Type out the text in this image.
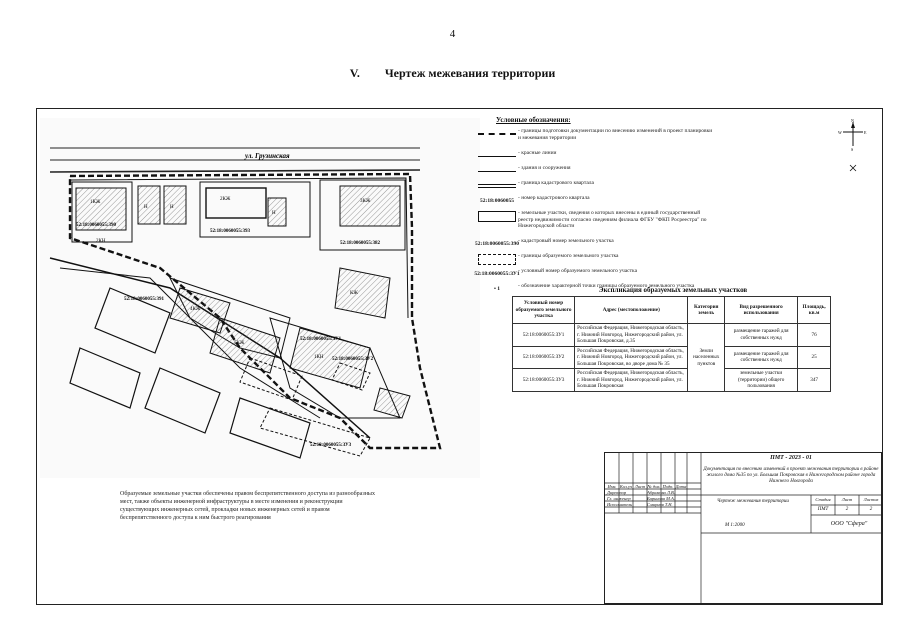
4
V. Чертеж межевания территории
ул. Грузинская
52:18:0060055:390
52:18:0060055:393
52:18:0060055:382
52:18:0060055:391
52:18:0060055:ЗУ1
52:18:0060055:ЗУ2
52:18:0060055:ЗУ3
1КЖ
2КЖ	3КЖ
4КЖ
5КЖ
2КН
1КН
КЖ
Н
Н	Н
Условные обозначения:
- границы подготовки документации по внесению изменений в проект планировки и межевания территории
- красные линии
- здания и сооружения
- граница кадастрового квартала
52:18:0060055 - номер кадастрового квартала
- земельные участки, сведения о которых внесены в единый государственный реестр недвижимости согласно сведениям филиала ФГБУ "ФКП Росреестра" по Нижегородской области
52:18:0060055:390 - кадастровый номер земельного участка
- границы образуемого земельного участка
52:18:0060055:ЗУ1
- условный номер образуемого земельного участка
• 1	- обозначение характерной точки границы образуемого земельного участка
N
S
W	E
Экспликация образуемых земельных участков
Условный номер образуемого земельного участка	Адрес (местоположение)	Категория земель	Вид разрешенного использования	Площадь, кв.м
52:18:0060055:ЗУ1	Российская Федерация, Нижегородская область, г. Нижний Новгород, Нижегородский район, ул. Большая Покровская, д.35	Земли населенных пунктов	размещение гаражей для собственных нужд	76
52:18:0060055:ЗУ2	Российская Федерация, Нижегородская область, г. Нижний Новгород, Нижегородский район, ул. Большая Покровская, во дворе дома № 35		размещение гаражей для собственных нужд	25
52:18:0060055:ЗУ3	Российская Федерация, Нижегородская область, г. Нижний Новгород, Нижегородский район, ул. Большая Покровская		земельные участки (территории) общего пользования	347
Образуемые земельные участки обеспечены правом беспрепятственного доступа из разнообразных мест, также объекты инженерной инфраструктуры в месте изменения и реконструкции существующих инженерных сетей, прокладки новых инженерных сетей и правом беспрепятственного доступа к ним быстрого реагирования
ПМТ - 2023 - 01
Документация по внесению изменений в проект межевания территории в районе жилого дома №35 по ул. Большая Покровская в Нижегородском районе города Нижнего Новгорода
Изм. Кол.уч Лист № док. Подп. Дата
Директор	Абрамова Л.В.
Гл. инженер	Баринова М.А.
Исполнитель	Смирнов Т.Н.
Чертеж межевания территории
М 1:2000
Стадия	Лист	Листов
ПМТ	2	2
ООО "Сфера"
